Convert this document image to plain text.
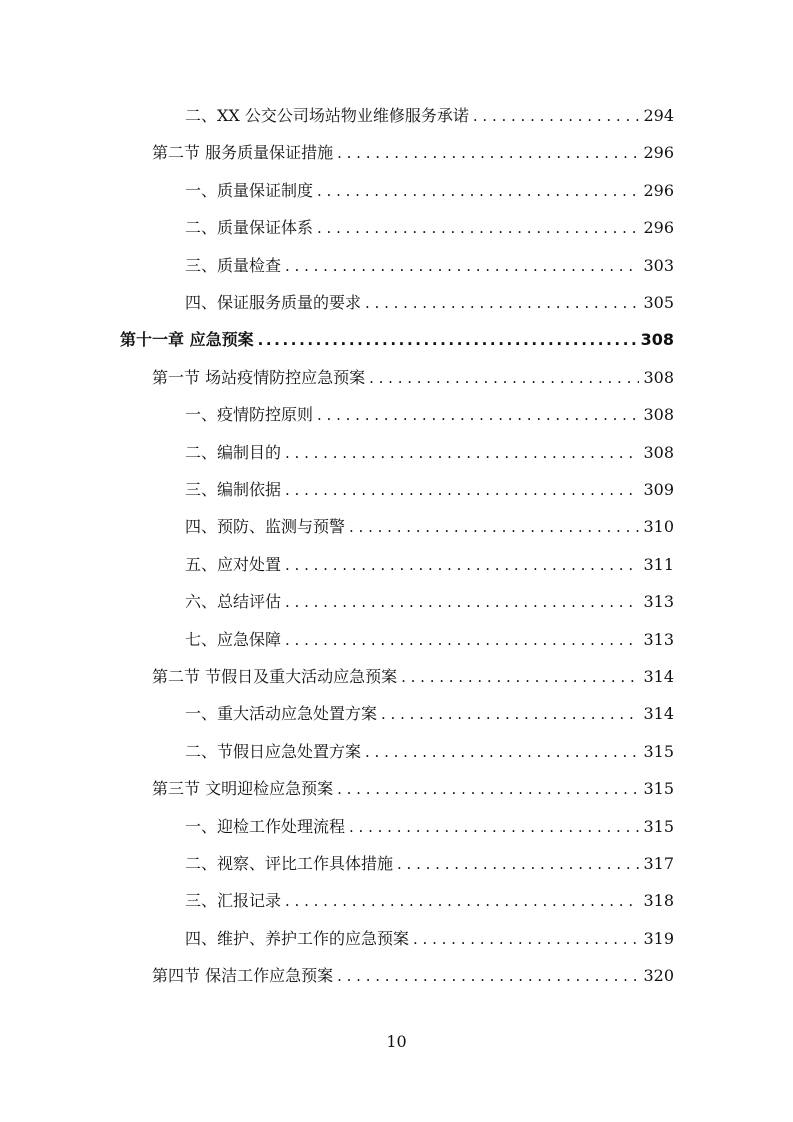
二、XX 公交公司场站物业维修服务承诺 . . .	294
第二节 服务质量保证措施 . . .	296
一、质量保证制度 . . .	296
二、质量保证体系 . . .	296
三、质量检查 . . .	303
四、保证服务质量的要求 . . .	305
第十一章 应急预案 .....	308
第一节 场站疫情防控应急预案 . . .	308
一、疫情防控原则 . . .	308
二、编制目的 . . .	308
三、编制依据 . . .	309
四、预防、监测与预警 . . .	310
五、应对处置 . . .	311
六、总结评估 . . .	313
七、应急保障 . . .	313
第二节 节假日及重大活动应急预案 . . .	314
一、重大活动应急处置方案 . . .	314
二、节假日应急处置方案 . . .	315
第三节 文明迎检应急预案 . . .	315
一、迎检工作处理流程 . . .	315
二、视察、评比工作具体措施 . . .	317
三、汇报记录 . . .	318
四、维护、养护工作的应急预案 . . .	319
第四节 保洁工作应急预案 . . .	320
10
